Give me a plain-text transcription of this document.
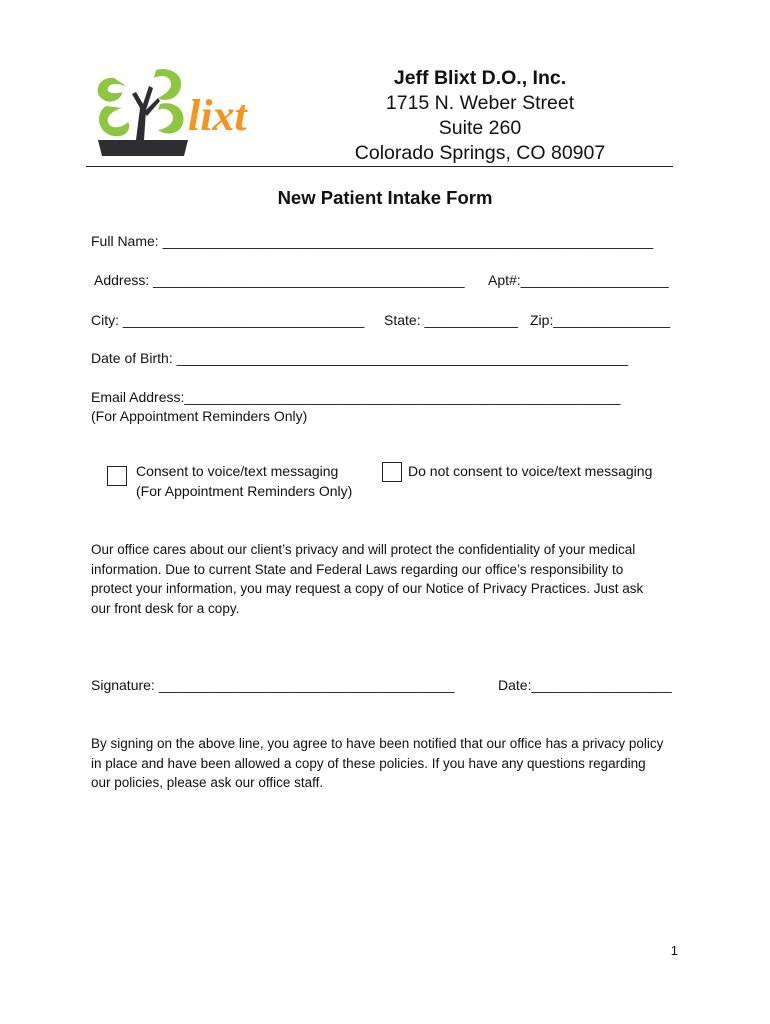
lixt
Jeff Blixt D.O., Inc.
1715 N. Weber Street
Suite 260
Colorado Springs, CO 80907
New Patient Intake Form
Full Name: _______________________________________________________________
Address: ________________________________________ Apt#:___________________
City: _______________________________ State: ____________ Zip:_______________
Date of Birth: __________________________________________________________
Email Address:________________________________________________________
(For Appointment Reminders Only)
Consent to voice/text messaging
(For Appointment Reminders Only)
Do not consent to voice/text messaging
Our office cares about our client’s privacy and will protect the confidentiality of your medical
information. Due to current State and Federal Laws regarding our office’s responsibility to
protect your information, you may request a copy of our Notice of Privacy Practices. Just ask
our front desk for a copy.
Signature: ______________________________________	Date:__________________
By signing on the above line, you agree to have been notified that our office has a privacy policy
in place and have been allowed a copy of these policies. If you have any questions regarding
our policies, please ask our office staff.
1
